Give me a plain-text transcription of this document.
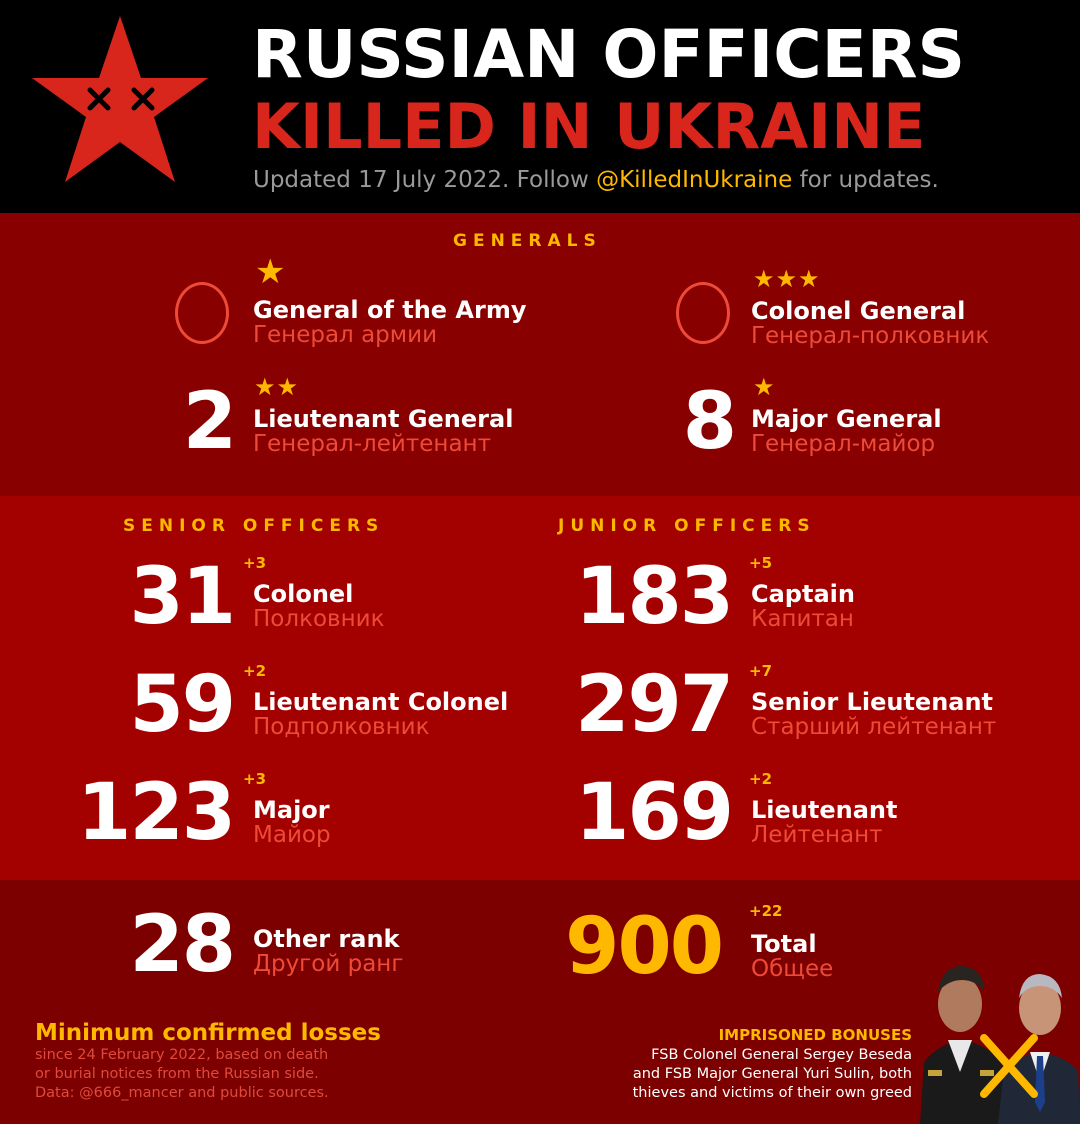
RUSSIAN OFFICERS
KILLED IN UKRAINE
Updated 17 July 2022. Follow @KilledInUkraine for updates.
GENERALS
★
General of the Army
Генерал армии
★★★
Colonel General
Генерал-полковник
2 ★★
Lieutenant General
Генерал-лейтенант 8 ★
Major General
Генерал-майор
SENIOR OFFICERS	JUNIOR OFFICERS
31 +3
Colonel
Полковник
59 +2
Lieutenant Colonel
Подполковник
123 +3
Major
Майор
183 +5
Captain
Капитан
297 +7
Senior Lieutenant
Старший лейтенант
169 +2
Lieutenant
Лейтенант
28 Other rank
Другой ранг 900 +22
Total
Общее
Minimum confirmed losses
since 24 February 2022, based on death
or burial notices from the Russian side.
Data: @666_mancer and public sources.
IMPRISONED BONUSES
FSB Colonel General Sergey Beseda
and FSB Major General Yuri Sulin, both
thieves and victims of their own greed
